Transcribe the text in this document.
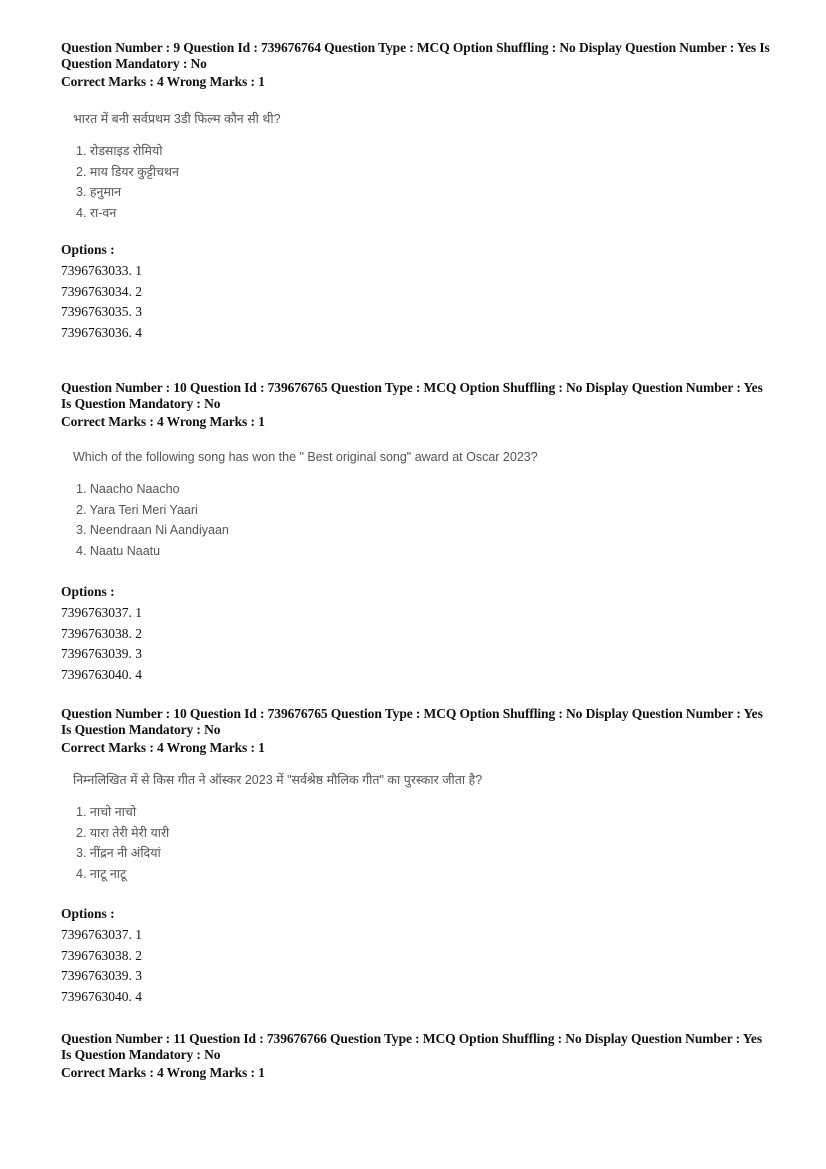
Question Number : 9 Question Id : 739676764 Question Type : MCQ Option Shuffling : No Display Question Number : Yes Is
Question Mandatory : No
Correct Marks : 4 Wrong Marks : 1
भारत में बनी सर्वप्रथम 3डी फिल्म कौन सी थी?
1. रोडसाइड रोमियो
2. माय डियर कुट्टीचथन
3. हनुमान
4. रा-वन
Options :
7396763033. 1
7396763034. 2
7396763035. 3
7396763036. 4
Question Number : 10 Question Id : 739676765 Question Type : MCQ Option Shuffling : No Display Question Number : Yes
Is Question Mandatory : No
Correct Marks : 4 Wrong Marks : 1
Which of the following song has won the " Best original song" award at Oscar 2023?
1. Naacho Naacho
2. Yara Teri Meri Yaari
3. Neendraan Ni Aandiyaan
4. Naatu Naatu
Options :
7396763037. 1
7396763038. 2
7396763039. 3
7396763040. 4
Question Number : 10 Question Id : 739676765 Question Type : MCQ Option Shuffling : No Display Question Number : Yes
Is Question Mandatory : No
Correct Marks : 4 Wrong Marks : 1
निम्नलिखित में से किस गीत ने ऑस्कर 2023 में "सर्वश्रेष्ठ मौलिक गीत" का पुरस्कार जीता है?
1. नाचो नाचो
2. यारा तेरी मेरी यारी
3. नींद्रन नी अंदियां
4. नाटू नाटू
Options :
7396763037. 1
7396763038. 2
7396763039. 3
7396763040. 4
Question Number : 11 Question Id : 739676766 Question Type : MCQ Option Shuffling : No Display Question Number : Yes
Is Question Mandatory : No
Correct Marks : 4 Wrong Marks : 1
